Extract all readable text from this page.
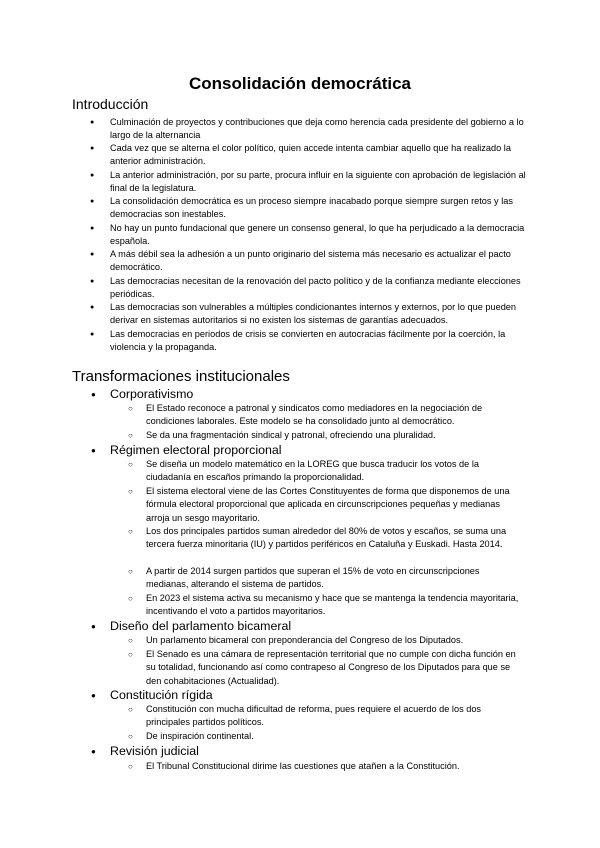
Consolidación democrática
Introducción
● Culminación de proyectos y contribuciones que deja como herencia cada presidente del gobierno a lo largo de la alternancia
● Cada vez que se alterna el color político, quien accede intenta cambiar aquello que ha realizado la anterior administración.
● La anterior administración, por su parte, procura influir en la siguiente con aprobación de legislación al final de la legislatura.
● La consolidación democrática es un proceso siempre inacabado porque siempre surgen retos y las democracias son inestables.
● No hay un punto fundacional que genere un consenso general, lo que ha perjudicado a la democracia española.
● A más débil sea la adhesión a un punto originario del sistema más necesario es actualizar el pacto democrático.
● Las democracias necesitan de la renovación del pacto político y de la confianza mediante elecciones periódicas.
● Las democracias son vulnerables a múltiples condicionantes internos y externos, por lo que pueden derivar en sistemas autoritarios si no existen los sistemas de garantías adecuados.
● Las democracias en periodos de crisis se convierten en autocracias fácilmente por la coerción, la violencia y la propaganda.
Transformaciones institucionales
● Corporativismo
○ El Estado reconoce a patronal y sindicatos como mediadores en la negociación de condiciones laborales. Este modelo se ha consolidado junto al democrático.
○ Se da una fragmentación sindical y patronal, ofreciendo una pluralidad.
● Régimen electoral proporcional
○ Se diseña un modelo matemático en la LOREG que busca traducir los votos de la ciudadanía en escaños primando la proporcionalidad.
○ El sistema electoral viene de las Cortes Constituyentes de forma que disponemos de una fórmula electoral proporcional que aplicada en circunscripciones pequeñas y medianas arroja un sesgo mayoritario.
○ Los dos principales partidos suman alrededor del 80% de votos y escaños, se suma una tercera fuerza minoritaria (IU) y partidos periféricos en Cataluña y Euskadi. Hasta 2014.
○ A partir de 2014 surgen partidos que superan el 15% de voto en circunscripciones medianas, alterando el sistema de partidos.
○ En 2023 el sistema activa su mecanismo y hace que se mantenga la tendencia mayoritaria, incentivando el voto a partidos mayoritarios.
● Diseño del parlamento bicameral
○ Un parlamento bicameral con preponderancia del Congreso de los Diputados.
○ El Senado es una cámara de representación territorial que no cumple con dicha función en su totalidad, funcionando así como contrapeso al Congreso de los Diputados para que se den cohabitaciones (Actualidad).
● Constitución rígida
○ Constitución con mucha dificultad de reforma, pues requiere el acuerdo de los dos principales partidos políticos.
○ De inspiración continental.
● Revisión judicial
○ El Tribunal Constitucional dirime las cuestiones que atañen a la Constitución.
